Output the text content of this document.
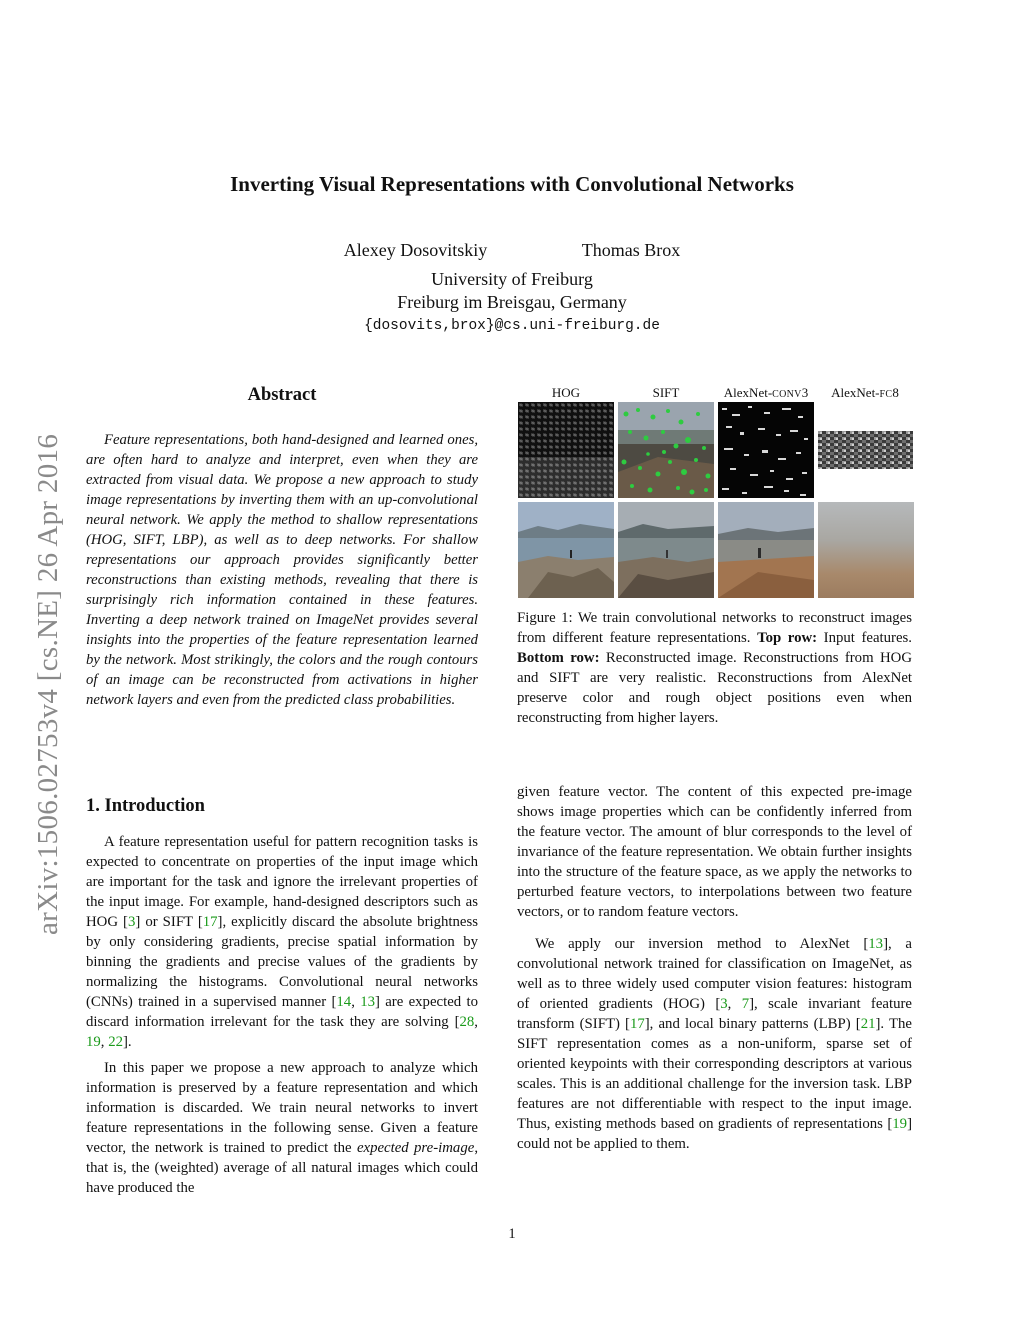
arXiv:1506.02753v4 [cs.NE] 26 Apr 2016
Inverting Visual Representations with Convolutional Networks
Alexey Dosovitskiy	Thomas Brox
University of Freiburg
Freiburg im Breisgau, Germany
{dosovits,brox}@cs.uni-freiburg.de
Abstract
Feature representations, both hand-designed and learned ones, are often hard to analyze and interpret, even when they are extracted from visual data. We propose a new approach to study image representations by inverting them with an up-convolutional neural network. We apply the method to shallow representations (HOG, SIFT, LBP), as well as to deep networks. For shallow representations our approach provides significantly better reconstructions than existing methods, revealing that there is surprisingly rich information contained in these features. Inverting a deep network trained on ImageNet provides several insights into the properties of the feature representation learned by the network. Most strikingly, the colors and the rough contours of an image can be reconstructed from activations in higher network layers and even from the predicted class probabilities.
HOG	SIFT	AlexNet-CONV3	AlexNet-FC8
Figure 1: We train convolutional networks to reconstruct images from different feature representations. Top row: Input features. Bottom row: Reconstructed image. Reconstructions from HOG and SIFT are very realistic. Reconstructions from AlexNet preserve color and rough object positions even when reconstructing from higher layers.
1. Introduction

A feature representation useful for pattern recognition tasks is expected to concentrate on properties of the input image which are important for the task and ignore the irrelevant properties of the input image. For example, hand-designed descriptors such as HOG [3] or SIFT [17], explicitly discard the absolute brightness by only considering gradients, precise spatial information by binning the gradients and precise values of the gradients by normalizing the histograms. Convolutional neural networks (CNNs) trained in a supervised manner [14, 13] are expected to discard information irrelevant for the task they are solving [28, 19, 22].

In this paper we propose a new approach to analyze which information is preserved by a feature representation and which information is discarded. We train neural networks to invert feature representations in the following sense. Given a feature vector, the network is trained to predict the expected pre-image, that is, the (weighted) average of all natural images which could have produced the

given feature vector. The content of this expected pre-image shows image properties which can be confidently inferred from the feature vector. The amount of blur corresponds to the level of invariance of the feature representation. We obtain further insights into the structure of the feature space, as we apply the networks to perturbed feature vectors, to interpolations between two feature vectors, or to random feature vectors.

We apply our inversion method to AlexNet [13], a convolutional network trained for classification on ImageNet, as well as to three widely used computer vision features: histogram of oriented gradients (HOG) [3, 7], scale invariant feature transform (SIFT) [17], and local binary patterns (LBP) [21]. The SIFT representation comes as a non-uniform, sparse set of oriented keypoints with their corresponding descriptors at various scales. This is an additional challenge for the inversion task. LBP features are not differentiable with respect to the input image. Thus, existing methods based on gradients of representations [19] could not be applied to them.

1
